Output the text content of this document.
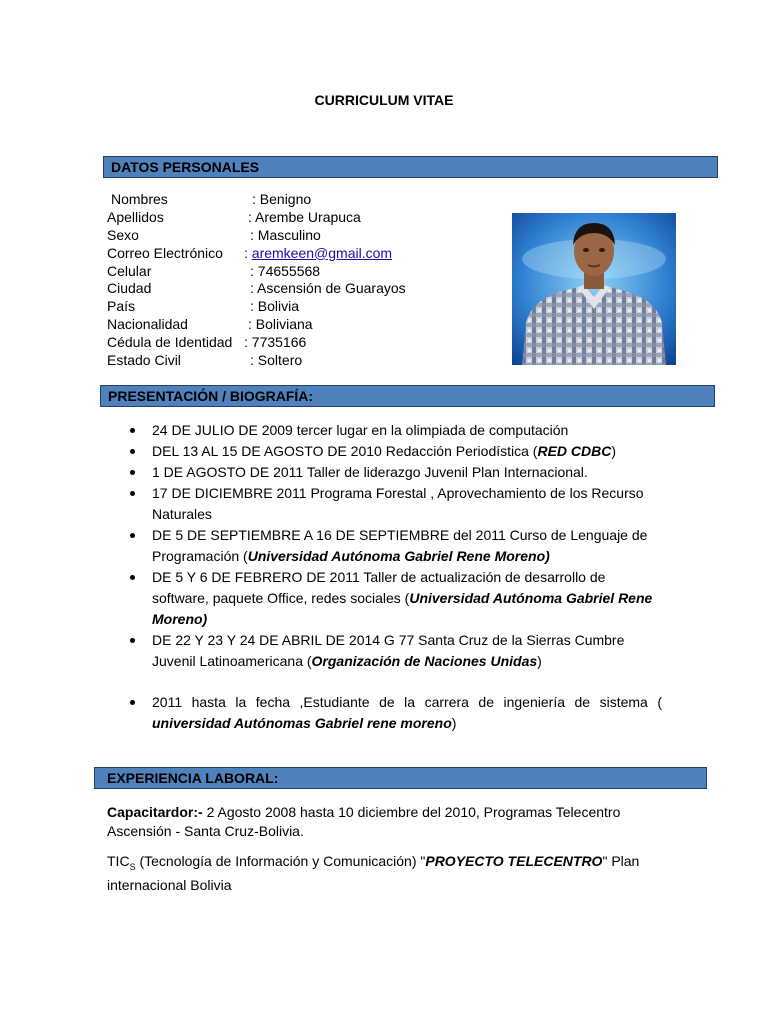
CURRICULUM VITAE
DATOS PERSONALES
Nombres	: Benigno
Apellidos	: Arembe Urapuca
Sexo	: Masculino
Correo Electrónico : aremkeen@gmail.com
Celular	: 74655568
Ciudad	: Ascensión de Guarayos
País	: Bolivia
Nacionalidad	: Boliviana
Cédula de Identidad : 7735166
Estado Civil	: Soltero
PRESENTACIÓN / BIOGRAFÍA:
24 DE JULIO DE 2009 tercer lugar en la olimpiada de computación
DEL 13 AL 15 DE AGOSTO DE 2010 Redacción Periodística (RED CDBC)
1 DE AGOSTO DE 2011 Taller de liderazgo Juvenil Plan Internacional.
17 DE DICIEMBRE 2011 Programa Forestal , Aprovechamiento de los Recurso Naturales
DE 5 DE SEPTIEMBRE A 16 DE SEPTIEMBRE del 2011 Curso de Lenguaje de Programación (Universidad Autónoma Gabriel Rene Moreno)
DE 5 Y 6 DE FEBRERO DE 2011 Taller de actualización de desarrollo de software, paquete Office, redes sociales (Universidad Autónoma Gabriel Rene Moreno)
DE 22 Y 23 Y 24 DE ABRIL DE 2014 G 77 Santa Cruz de la Sierras Cumbre Juvenil Latinoamericana (Organización de Naciones Unidas)
2011 hasta la fecha ,Estudiante de la carrera de ingeniería de sistema ( universidad Autónomas Gabriel rene moreno)
EXPERIENCIA LABORAL:

Capacitardor:- 2 Agosto 2008 hasta 10 diciembre del 2010, Programas Telecentro Ascensión - Santa Cruz-Bolivia.

$TIC_S$ (Tecnología de Información y Comunicación) "PROYECTO TELECENTRO" Plan internacional Bolivia
